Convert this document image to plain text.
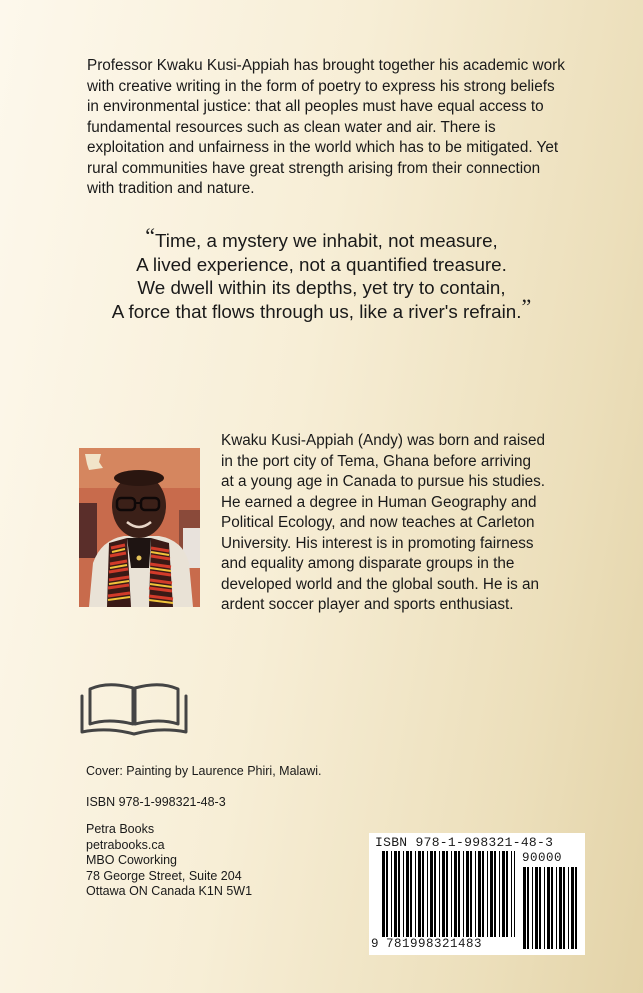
Professor Kwaku Kusi-Appiah has brought together his academic work with creative writing in the form of poetry to express his strong beliefs in environmental justice: that all peoples must have equal access to fundamental resources such as clean water and air. There is exploitation and unfairness in the world which has to be mitigated. Yet rural communities have great strength arising from their connection with tradition and nature.

“Time, a mystery we inhabit, not measure,
A lived experience, not a quantified treasure.
We dwell within its depths, yet try to contain,
A force that flows through us, like a river's refrain.”

Kwaku Kusi-Appiah (Andy) was born and raised in the port city of Tema, Ghana before arriving at a young age in Canada to pursue his studies. He earned a degree in Human Geography and Political Ecology, and now teaches at Carleton University. His interest is in promoting fairness and equality among disparate groups in the developed world and the global south. He is an ardent soccer player and sports enthusiast.

Cover: Painting by Laurence Phiri, Malawi.
ISBN 978-1-998321-48-3
Petra Books
petrabooks.ca
MBO Coworking
78 George Street, Suite 204
Ottawa ON Canada K1N 5W1
ISBN 978-1-998321-48-3
90000
9 781998321483
